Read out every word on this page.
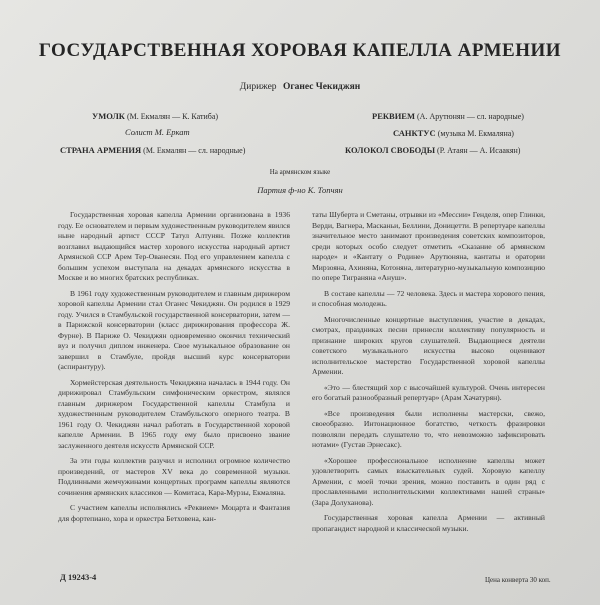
ГОСУДАРСТВЕННАЯ ХОРОВАЯ КАПЕЛЛА АРМЕНИИ
Дирижер Оганес Чекиджян
УМОЛК (М. Екмалян — К. Катиба)
Солист М. Еркат
СТРАНА АРМЕНИЯ (М. Екмалян — сл. народные)
РЕКВИЕМ (А. Арутюнян — сл. народные)
САНКТУС (музыка М. Екмаляна)
КОЛОКОЛ СВОБОДЫ (Р. Атаян — А. Исаакян)
На армянском языке
Партия ф-но К. Топчян

Государственная хоровая капелла Армении организована в 1936 году. Ее основателем и первым художественным руководителем явился ныне народный артист СССР Татул Алтунян. Позже коллектив возглавил выдающийся мастер хорового искусства народный артист Армянской ССР Арем Тер-Ованесян. Под его управлением капелла с большим успехом выступала на декадах армянского искусства в Москве и во многих братских республиках.

В 1961 году художественным руководителем и главным дирижером хоровой капеллы Армении стал Оганес Чекиджян. Он родился в 1929 году. Учился в Стамбульской государственной консерватории, затем — в Парижской консерватории (класс дирижирования профессора Ж. Фурне). В Париже О. Чекиджян одновременно окончил технический вуз и получил диплом инженера. Свое музыкальное образование он завершил в Стамбуле, пройдя высший курс консерватории (аспирантуру).

Хормейстерская деятельность Чекиджяна началась в 1944 году. Он дирижировал Стамбульским симфоническим оркестром, являлся главным дирижером Государственной капеллы Стамбула и художественным руководителем Стамбульского оперного театра. В 1961 году О. Чекиджян начал работать в Государственной хоровой капелле Армении. В 1965 году ему было присвоено звание заслуженного деятеля искусств Армянской ССР.

За эти годы коллектив разучил и исполнил огромное количество произведений, от мастеров XV века до современной музыки. Подлинными жемчужинами концертных программ капеллы являются сочинения армянских классиков — Комитаса, Кара-Мурзы, Екмаляна.

С участием капеллы исполнялись «Реквием» Моцарта и Фантазия для фортепиано, хора и оркестра Бетховена, кан-

таты Шуберта и Сметаны, отрывки из «Мессии» Генделя, опер Глинки, Верди, Вагнера, Масканьи, Беллини, Доницетти. В репертуаре капеллы значительное место занимают произведения советских композиторов, среди которых особо следует отметить «Сказание об армянском народе» и «Кантату о Родине» Арутюняна, кантаты и оратории Мирзояна, Ахиняна, Котоняна, литературно-музыкальную композицию по опере Тиграняна «Ануш».

В составе капеллы — 72 человека. Здесь и мастера хорового пения, и способная молодежь.

Многочисленные концертные выступления, участие в декадах, смотрах, праздниках песни принесли коллективу популярность и признание широких кругов слушателей. Выдающиеся деятели советского музыкального искусства высоко оценивают исполнительское мастерство Государственной хоровой капеллы Армении.

«Это — блестящий хор с высочайшей культурой. Очень интересен его богатый разнообразный репертуар» (Арам Хачатурян).

«Все произведения были исполнены мастерски, свежо, своеобразно. Интонационное богатство, четкость фразировки позволяли передать слушателю то, что невозможно зафиксировать нотами» (Густав Эрнесакс).

«Хорошее профессиональное исполнение капеллы может удовлетворить самых взыскательных судей. Хоровую капеллу Армении, с моей точки зрения, можно поставить в один ряд с прославленными исполнительскими коллективами нашей страны» (Зара Долуханова).

Государственная хоровая капелла Армении — активный пропагандист народной и классической музыки.

Д 19243-4	Цена конверта 30 коп.
